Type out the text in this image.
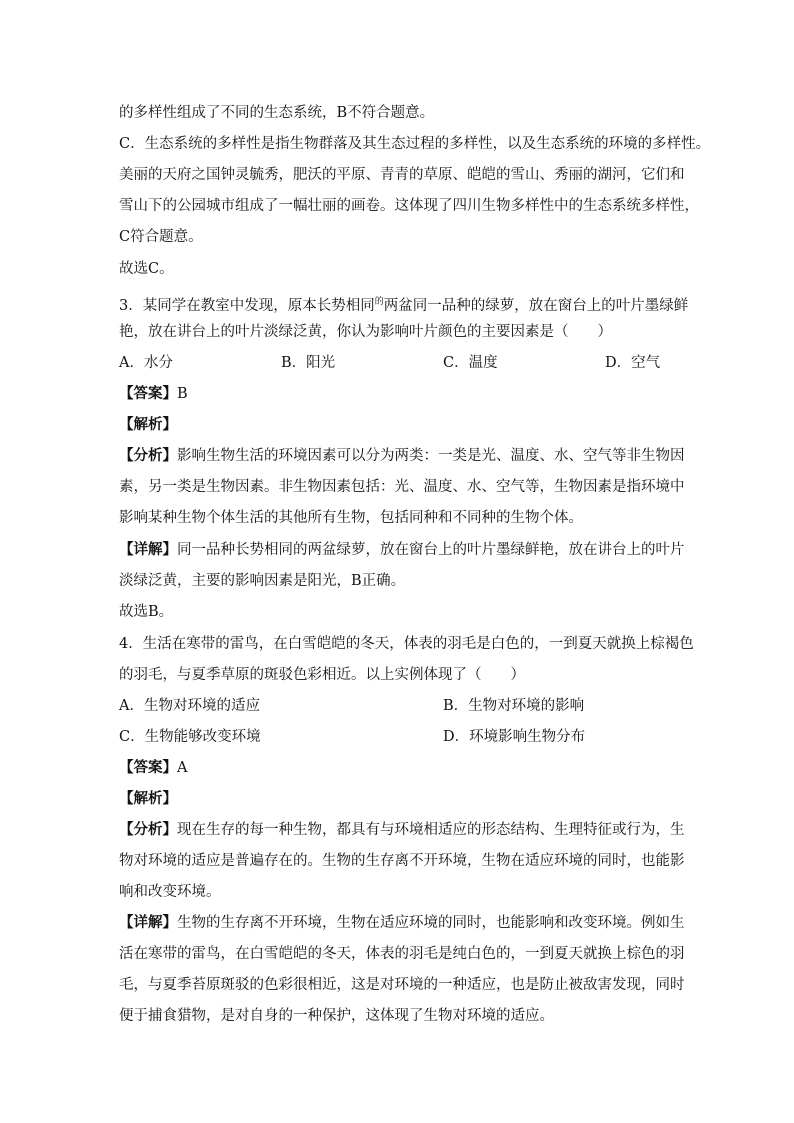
的多样性组成了不同的生态系统，B不符合题意。
C．生态系统的多样性是指生物群落及其生态过程的多样性，以及生态系统的环境的多样性。
美丽的天府之国钟灵毓秀，肥沃的平原、青青的草原、皑皑的雪山、秀丽的湖河，它们和
雪山下的公园城市组成了一幅壮丽的画卷。这体现了四川生物多样性中的生态系统多样性，
C符合题意。
故选C。
3．某同学在教室中发现，原本长势相同$^的$两盆同一品种的绿萝，放在窗台上的叶片墨绿鲜
艳，放在讲台上的叶片淡绿泛黄，你认为影响叶片颜色的主要因素是（　　）
A．水分	B．阳光	C．温度	D．空气
【答案】B
【解析】
【分析】影响生物生活的环境因素可以分为两类：一类是光、温度、水、空气等非生物因
素，另一类是生物因素。非生物因素包括：光、温度、水、空气等，生物因素是指环境中
影响某种生物个体生活的其他所有生物，包括同种和不同种的生物个体。
【详解】同一品种长势相同的两盆绿萝，放在窗台上的叶片墨绿鲜艳，放在讲台上的叶片
淡绿泛黄，主要的影响因素是阳光，B正确。
故选B。
4．生活在寒带的雷鸟，在白雪皑皑的冬天，体表的羽毛是白色的，一到夏天就换上棕褐色
的羽毛，与夏季草原的斑驳色彩相近。以上实例体现了（　　）
A．生物对环境的适应	B．生物对环境的影响
C．生物能够改变环境	D．环境影响生物分布
【答案】A
【解析】
【分析】现在生存的每一种生物，都具有与环境相适应的形态结构、生理特征或行为，生
物对环境的适应是普遍存在的。生物的生存离不开环境，生物在适应环境的同时，也能影
响和改变环境。
【详解】生物的生存离不开环境，生物在适应环境的同时，也能影响和改变环境。例如生
活在寒带的雷鸟，在白雪皑皑的冬天，体表的羽毛是纯白色的，一到夏天就换上棕色的羽
毛，与夏季苔原斑驳的色彩很相近，这是对环境的一种适应，也是防止被敌害发现，同时
便于捕食猎物，是对自身的一种保护，这体现了生物对环境的适应。
